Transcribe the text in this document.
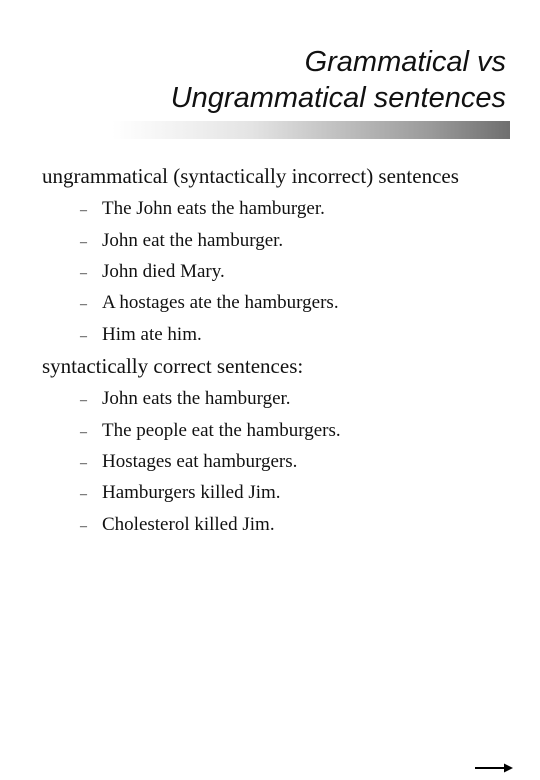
Grammatical vs
Ungrammatical sentences
ungrammatical (syntactically incorrect) sentences
– The John eats the hamburger.
– John eat the hamburger.
– John died Mary.
– A hostages ate the hamburgers.
– Him ate him.
syntactically correct sentences:
– John eats the hamburger.
– The people eat the hamburgers.
– Hostages eat hamburgers.
– Hamburgers killed Jim.
– Cholesterol killed Jim.
